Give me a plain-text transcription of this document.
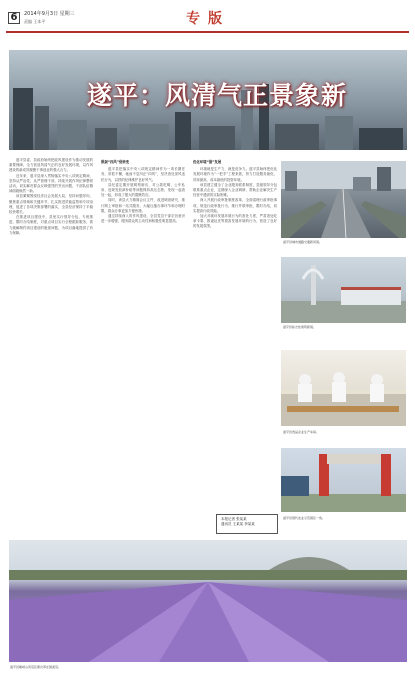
6	2014年9月3日 星期三
责编 王本平	专版
遂平：风清气正景象新

遂平县委、县政府始终把政风建设作为推动发展的重要保障，全力营造风清气正的良好发展环境，以作风建设的新成效凝聚干事创业的强大合力。

近年来，遂平县深入贯彻落实中央八项规定精神，坚持从严治党、从严管理干部，持续开展作风纪律整顿活动，切实解决群众反映强烈的突出问题，干部队伍精神面貌焕然一新。

该县紧紧围绕经济社会发展大局，坚持问题导向，聚焦重点领域和关键环节，扎实推进效能监察和专项治理，促进了各项决策部署的落实，全县经济保持了平稳较快增长。

在推进项目建设中，县里实行领导分包、专班推进、限时办结制度，对重点项目实行全程跟踪服务，着力破解制约项目建设的瓶颈问题，为项目落地提供了有力保障。

狠刹“四风”促转变

遂平县把落实中央八项规定精神作为一项长期任务，常抓不懈，驰而不息纠正“四风”，坚决查处顶风违纪行为，以铁的纪律维护良好风气。

县纪委定期开展明察暗访，对公款吃喝、公车私用、违规发放津补贴等问题保持高压态势，发现一起查处一起，形成了强大的震慑效应。

同时，该县大力精简会议文件，改进调查研究，推行网上审批和一站式服务，大幅压缩办事环节和办理时限，群众办事更加方便快捷。

通过持续深入的作风建设，全县党员干部宗旨意识进一步增强，服务群众的主动性和积极性明显提高。

优化环境“强”发展

环境就是生产力，就是竞争力。遂平县始终把优化发展环境作为“一把手”工程来抓，努力打造服务最优、效率最高、成本最低的投资环境。

该县建立健全了企业服务联系制度，县级领导分包联系重点企业，定期深入企业调研，帮助企业解决生产经营中遇到的实际困难。

深入开展行政审批制度改革，全面清理行政审批事项，规范行政审批行为，推行并联审批、限时办结，切实提高行政效能。

加大对破坏发展环境行为的查处力度，严肃查处吃拿卡要、推诿扯皮等损害发展环境的行为，营造了良好的发展氛围。

遂平县城市道路交通新风貌。
遂平县标志性建筑新貌。
遂平县食品企业生产车间。
遂平县现代农业示范园区一角。
本报记者 张某某
通讯员 王某某 李某某
遂平县嵖岈山风景区薰衣草庄园美景。
